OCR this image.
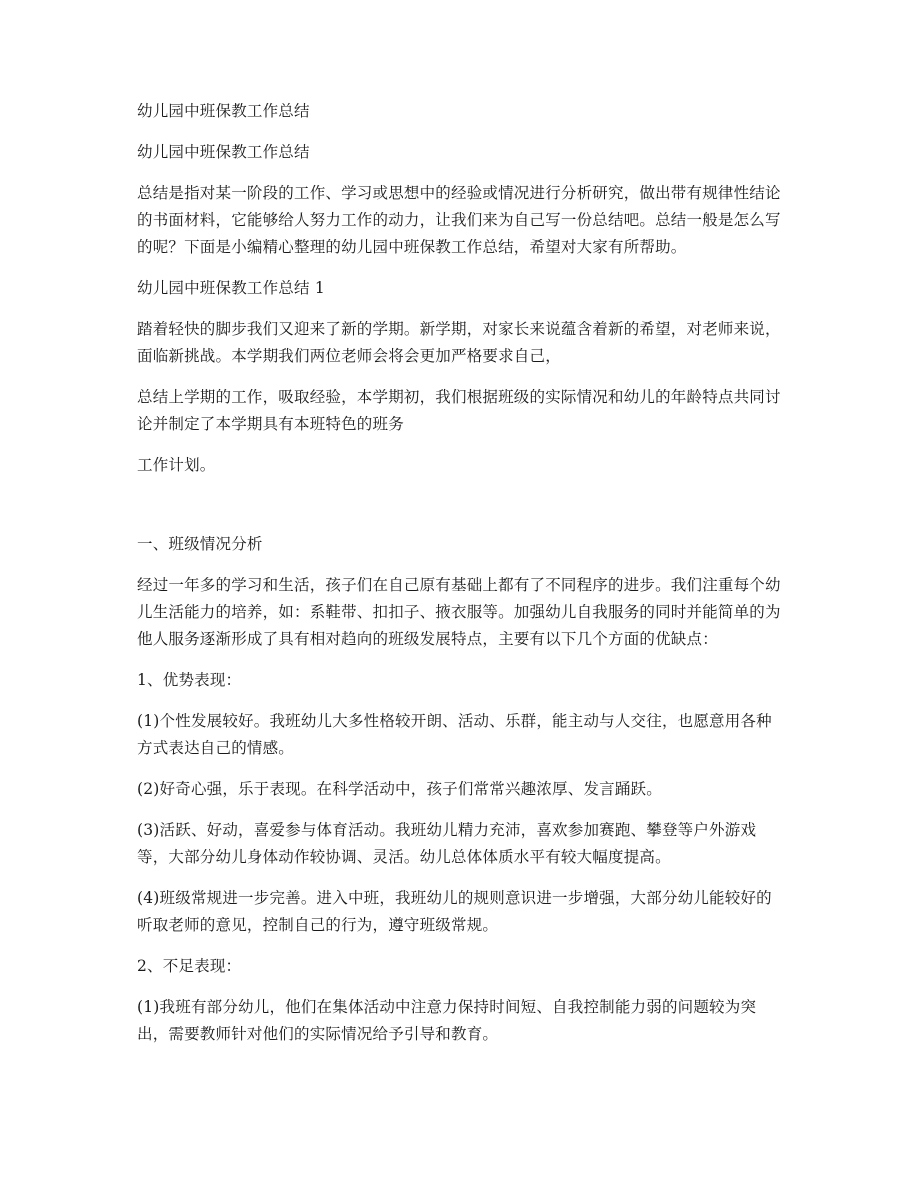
幼儿园中班保教工作总结

幼儿园中班保教工作总结

总结是指对某一阶段的工作、学习或思想中的经验或情况进行分析研究，做出带有规律性结论的书面材料，它能够给人努力工作的动力，让我们来为自己写一份总结吧。总结一般是怎么写的呢？下面是小编精心整理的幼儿园中班保教工作总结，希望对大家有所帮助。

幼儿园中班保教工作总结 1

踏着轻快的脚步我们又迎来了新的学期。新学期，对家长来说蕴含着新的希望，对老师来说，面临新挑战。本学期我们两位老师会将会更加严格要求自己，

总结上学期的工作，吸取经验，本学期初，我们根据班级的实际情况和幼儿的年龄特点共同讨论并制定了本学期具有本班特色的班务

工作计划。

一、班级情况分析

经过一年多的学习和生活，孩子们在自己原有基础上都有了不同程序的进步。我们注重每个幼儿生活能力的培养，如：系鞋带、扣扣子、掖衣服等。加强幼儿自我服务的同时并能简单的为他人服务逐渐形成了具有相对趋向的班级发展特点，主要有以下几个方面的优缺点：

1、优势表现：

(1)个性发展较好。我班幼儿大多性格较开朗、活动、乐群，能主动与人交往，也愿意用各种方式表达自己的情感。

(2)好奇心强，乐于表现。在科学活动中，孩子们常常兴趣浓厚、发言踊跃。

(3)活跃、好动，喜爱参与体育活动。我班幼儿精力充沛，喜欢参加赛跑、攀登等户外游戏等，大部分幼儿身体动作较协调、灵活。幼儿总体体质水平有较大幅度提高。

(4)班级常规进一步完善。进入中班，我班幼儿的规则意识进一步增强，大部分幼儿能较好的听取老师的意见，控制自己的行为，遵守班级常规。

2、不足表现：

(1)我班有部分幼儿，他们在集体活动中注意力保持时间短、自我控制能力弱的问题较为突出，需要教师针对他们的实际情况给予引导和教育。
